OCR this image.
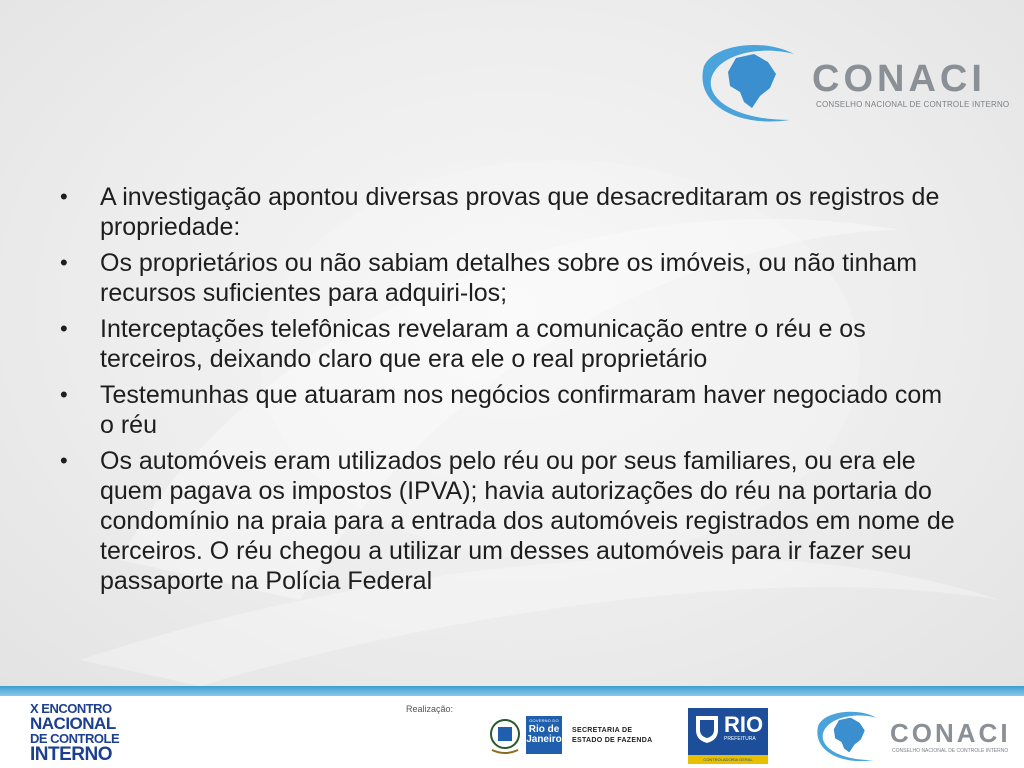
CONACI
CONSELHO NACIONAL DE CONTROLE INTERNO
• A investigação apontou diversas provas que desacreditaram os registros de propriedade:
• Os proprietários ou não sabiam detalhes sobre os imóveis, ou não tinham recursos suficientes para adquiri-los;
• Interceptações telefônicas revelaram a comunicação entre o réu e os terceiros, deixando claro que era ele o real proprietário
• Testemunhas que atuaram nos negócios confirmaram haver negociado com o réu
• Os automóveis eram utilizados pelo réu ou por seus familiares, ou era ele quem pagava os impostos (IPVA); havia autorizações do réu na portaria do condomínio na praia para a entrada dos automóveis registrados em nome de terceiros. O réu chegou a utilizar um desses automóveis para ir fazer seu passaporte na Polícia Federal
X ENCONTRO
NACIONAL
DE CONTROLE
INTERNO
Realização:
GOVERNO DO
Rio de Janeiro
SECRETARIA DE
ESTADO DE FAZENDA
RIO
PREFEITURA
CONTROLADORIA GERAL
CONACI
CONSELHO NACIONAL DE CONTROLE INTERNO
